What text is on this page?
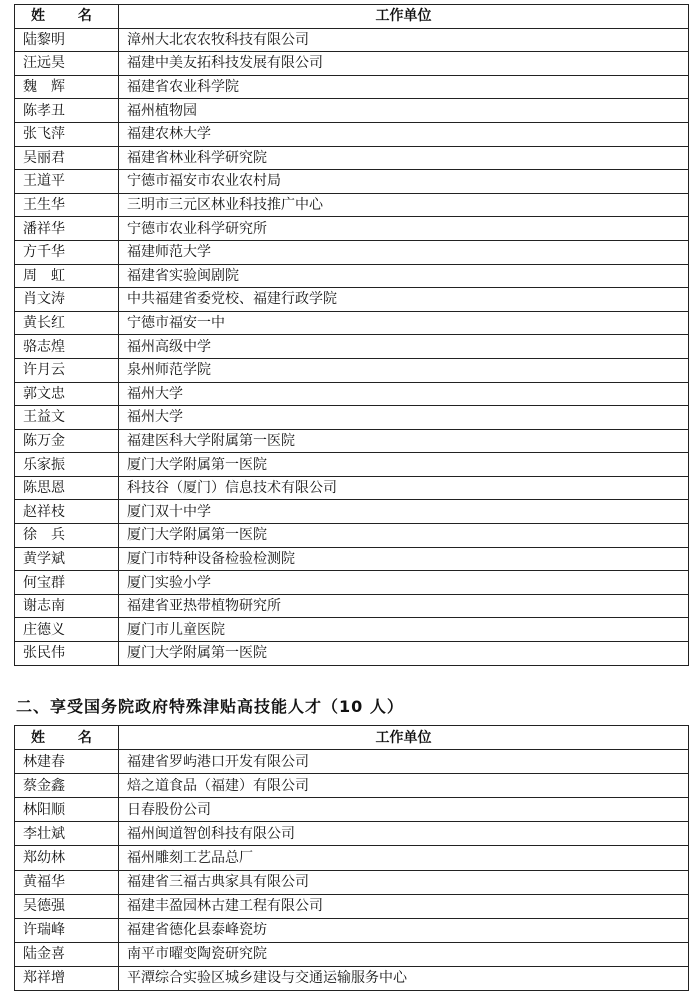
姓 名	工作单位
陆黎明	漳州大北农农牧科技有限公司
汪远昊	福建中美友拓科技发展有限公司
魏　辉	福建省农业科学院
陈孝丑	福州植物园
张飞萍	福建农林大学
吴丽君	福建省林业科学研究院
王道平	宁德市福安市农业农村局
王生华	三明市三元区林业科技推广中心
潘祥华	宁德市农业科学研究所
方千华	福建师范大学
周　虹	福建省实验闽剧院
肖文涛	中共福建省委党校、福建行政学院
黄长红	宁德市福安一中
骆志煌	福州高级中学
许月云	泉州师范学院
郭文忠	福州大学
王益文	福州大学
陈万金	福建医科大学附属第一医院
乐家振	厦门大学附属第一医院
陈思恩	科技谷（厦门）信息技术有限公司
赵祥枝	厦门双十中学
徐　兵	厦门大学附属第一医院
黄学斌	厦门市特种设备检验检测院
何宝群	厦门实验小学
谢志南	福建省亚热带植物研究所
庄德义	厦门市儿童医院
张民伟	厦门大学附属第一医院
二、享受国务院政府特殊津贴高技能人才（10 人）
姓 名	工作单位
林建春	福建省罗屿港口开发有限公司
蔡金鑫	焙之道食品（福建）有限公司
林阳顺	日春股份公司
李壮斌	福州闽道智创科技有限公司
郑幼林	福州雕刻工艺品总厂
黄福华	福建省三福古典家具有限公司
吴德强	福建丰盈园林古建工程有限公司
许瑞峰	福建省德化县泰峰瓷坊
陆金喜	南平市曜变陶瓷研究院
郑祥增	平潭综合实验区城乡建设与交通运输服务中心
